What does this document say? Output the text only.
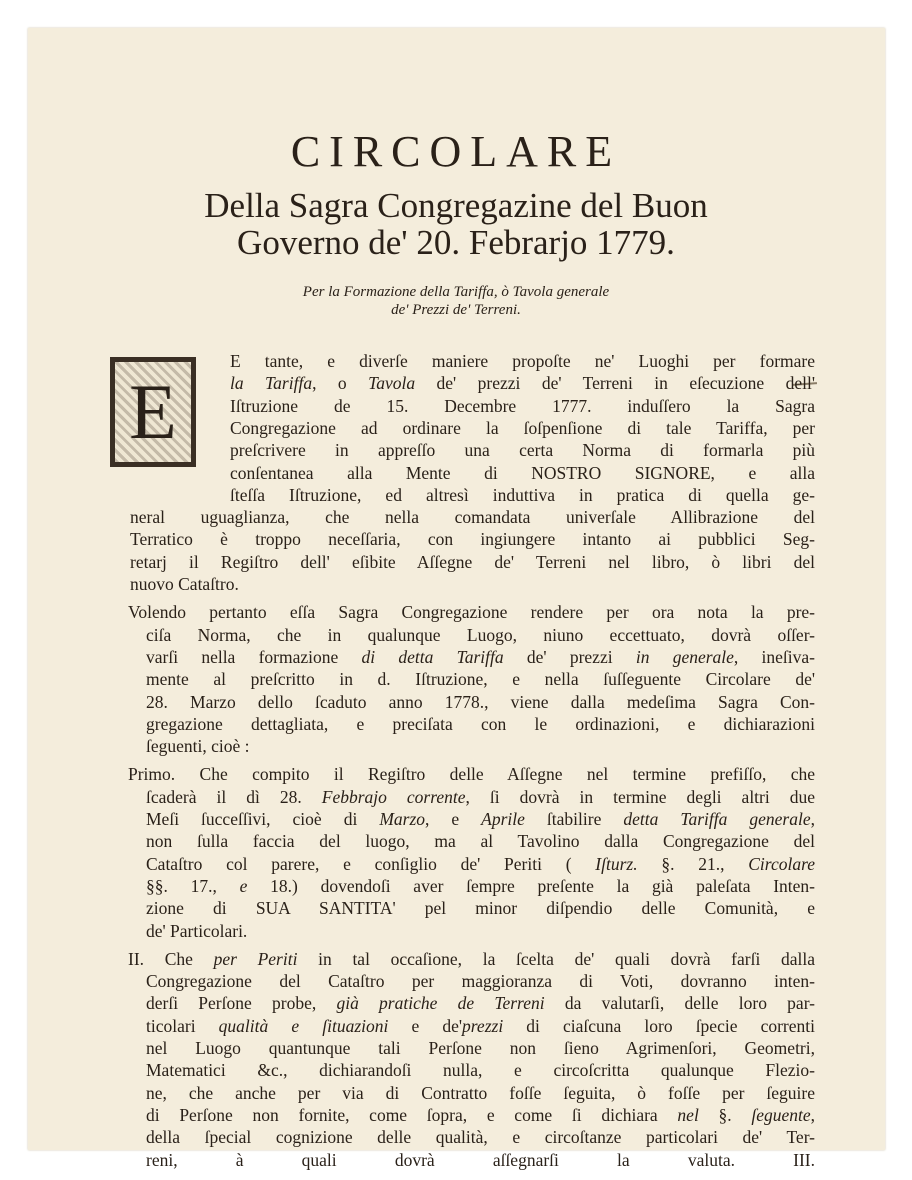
CIRCOLARE
Della Sagra Congregazine del Buon
Governo de' 20. Febrarjo 1779.
Per la Formazione della Tariffa, ò Tavola generale
de' Prezzi de' Terreni.
E
E tante, e diverſe maniere propoſte ne' Luoghi per formare
la Tariffa, o Tavola de' prezzi de' Terreni in eſecuzione dell'
Iſtruzione de 15. Decembre 1777. induſſero la Sagra
Congregazione ad ordinare la ſoſpenſione di tale Tariffa, per
preſcrivere in appreſſo una certa Norma di formarla più
conſentanea alla Mente di NOSTRO SIGNORE, e alla
ſteſſa Iſtruzione, ed altresì induttiva in pratica di quella ge-
neral uguaglianza, che nella comandata univerſale Allibrazione del
Terratico è troppo neceſſaria, con ingiungere intanto ai pubblici Seg-
retarj il Regiſtro dell' eſibite Aſſegne de' Terreni nel libro, ò libri del
nuovo Cataſtro.
Volendo pertanto eſſa Sagra Congregazione rendere per ora nota la pre-
ciſa Norma, che in qualunque Luogo, niuno eccettuato, dovrà oſſer-
varſi nella formazione di detta Tariffa de' prezzi in generale, ineſiva-
mente al preſcritto in d. Iſtruzione, e nella ſuſſeguente Circolare de'
28. Marzo dello ſcaduto anno 1778., viene dalla medeſima Sagra Con-
gregazione dettagliata, e preciſata con le ordinazioni, e dichiarazioni
ſeguenti, cioè :
Primo. Che compito il Regiſtro delle Aſſegne nel termine prefiſſo, che
ſcaderà il dì 28. Febbrajo corrente, ſi dovrà in termine degli altri due
Meſi ſucceſſivi, cioè di Marzo, e Aprile ſtabilire detta Tariffa generale,
non ſulla faccia del luogo, ma al Tavolino dalla Congregazione del
Cataſtro col parere, e conſiglio de' Periti ( Iſturz. §. 21., Circolare
§§. 17., e 18.) dovendoſi aver ſempre preſente la già paleſata Inten-
zione di SUA SANTITA' pel minor diſpendio delle Comunità, e
de' Particolari.
II. Che per Periti in tal occaſione, la ſcelta de' quali dovrà farſi dalla
Congregazione del Cataſtro per maggioranza di Voti, dovranno inten-
derſi Perſone probe, già pratiche de Terreni da valutarſi, delle loro par-
ticolari qualità e ſituazioni e de'prezzi di ciaſcuna loro ſpecie correnti
nel Luogo quantunque tali Perſone non ſieno Agrimenſori, Geometri,
Matematici &c., dichiarandoſi nulla, e circoſcritta qualunque Flezio-
ne, che anche per via di Contratto foſſe ſeguita, ò foſſe per ſeguire
di Perſone non fornite, come ſopra, e come ſi dichiara nel §. ſeguente,
della ſpecial cognizione delle qualità, e circoſtanze particolari de' Ter-
reni, à quali dovrà aſſegnarſi la valuta. III.
